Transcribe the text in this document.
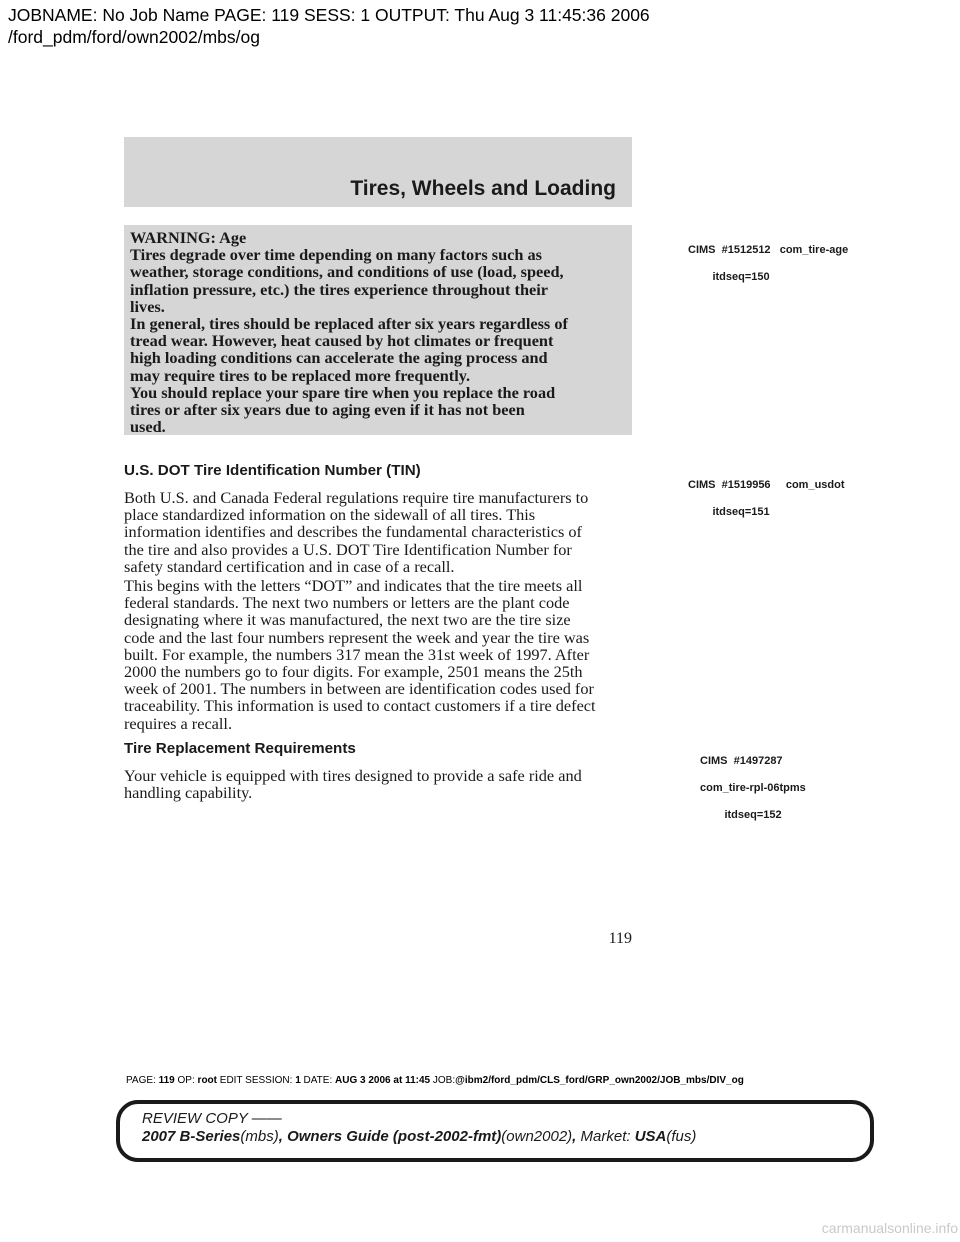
JOBNAME: No Job Name PAGE: 119 SESS: 1 OUTPUT: Thu Aug 3 11:45:36 2006
/ford_pdm/ford/own2002/mbs/og
Tires, Wheels and Loading

WARNING: Age

Tires degrade over time depending on many factors such as

weather, storage conditions, and conditions of use (load, speed,

inflation pressure, etc.) the tires experience throughout their

lives.

In general, tires should be replaced after six years regardless of

tread wear. However, heat caused by hot climates or frequent

high loading conditions can accelerate the aging process and

may require tires to be replaced more frequently.

You should replace your spare tire when you replace the road

tires or after six years due to aging even if it has not been

used.

CIMS  #1512512   com_tire-age

itdseq=150

U.S. DOT Tire Identification Number (TIN)

CIMS  #1519956     com_usdot

itdseq=151

Both U.S. and Canada Federal regulations require tire manufacturers to

place standardized information on the sidewall of all tires. This

information identifies and describes the fundamental characteristics of

the tire and also provides a U.S. DOT Tire Identification Number for

safety standard certification and in case of a recall.

This begins with the letters “DOT” and indicates that the tire meets all

federal standards. The next two numbers or letters are the plant code

designating where it was manufactured, the next two are the tire size

code and the last four numbers represent the week and year the tire was

built. For example, the numbers 317 mean the 31st week of 1997. After

2000 the numbers go to four digits. For example, 2501 means the 25th

week of 2001. The numbers in between are identification codes used for

traceability. This information is used to contact customers if a tire defect

requires a recall.

Tire Replacement Requirements

CIMS  #1497287

com_tire-rpl-06tpms

itdseq=152

Your vehicle is equipped with tires designed to provide a safe ride and

handling capability.

119
PAGE: 119 OP: root EDIT SESSION: 1 DATE: AUG 3 2006 at 11:45 JOB:@ibm2/ford_pdm/CLS_ford/GRP_own2002/JOB_mbs/DIV_og
REVIEW COPY ——
2007 B-Series(mbs), Owners Guide (post-2002-fmt)(own2002), Market: USA(fus)
carmanualsonline.info
